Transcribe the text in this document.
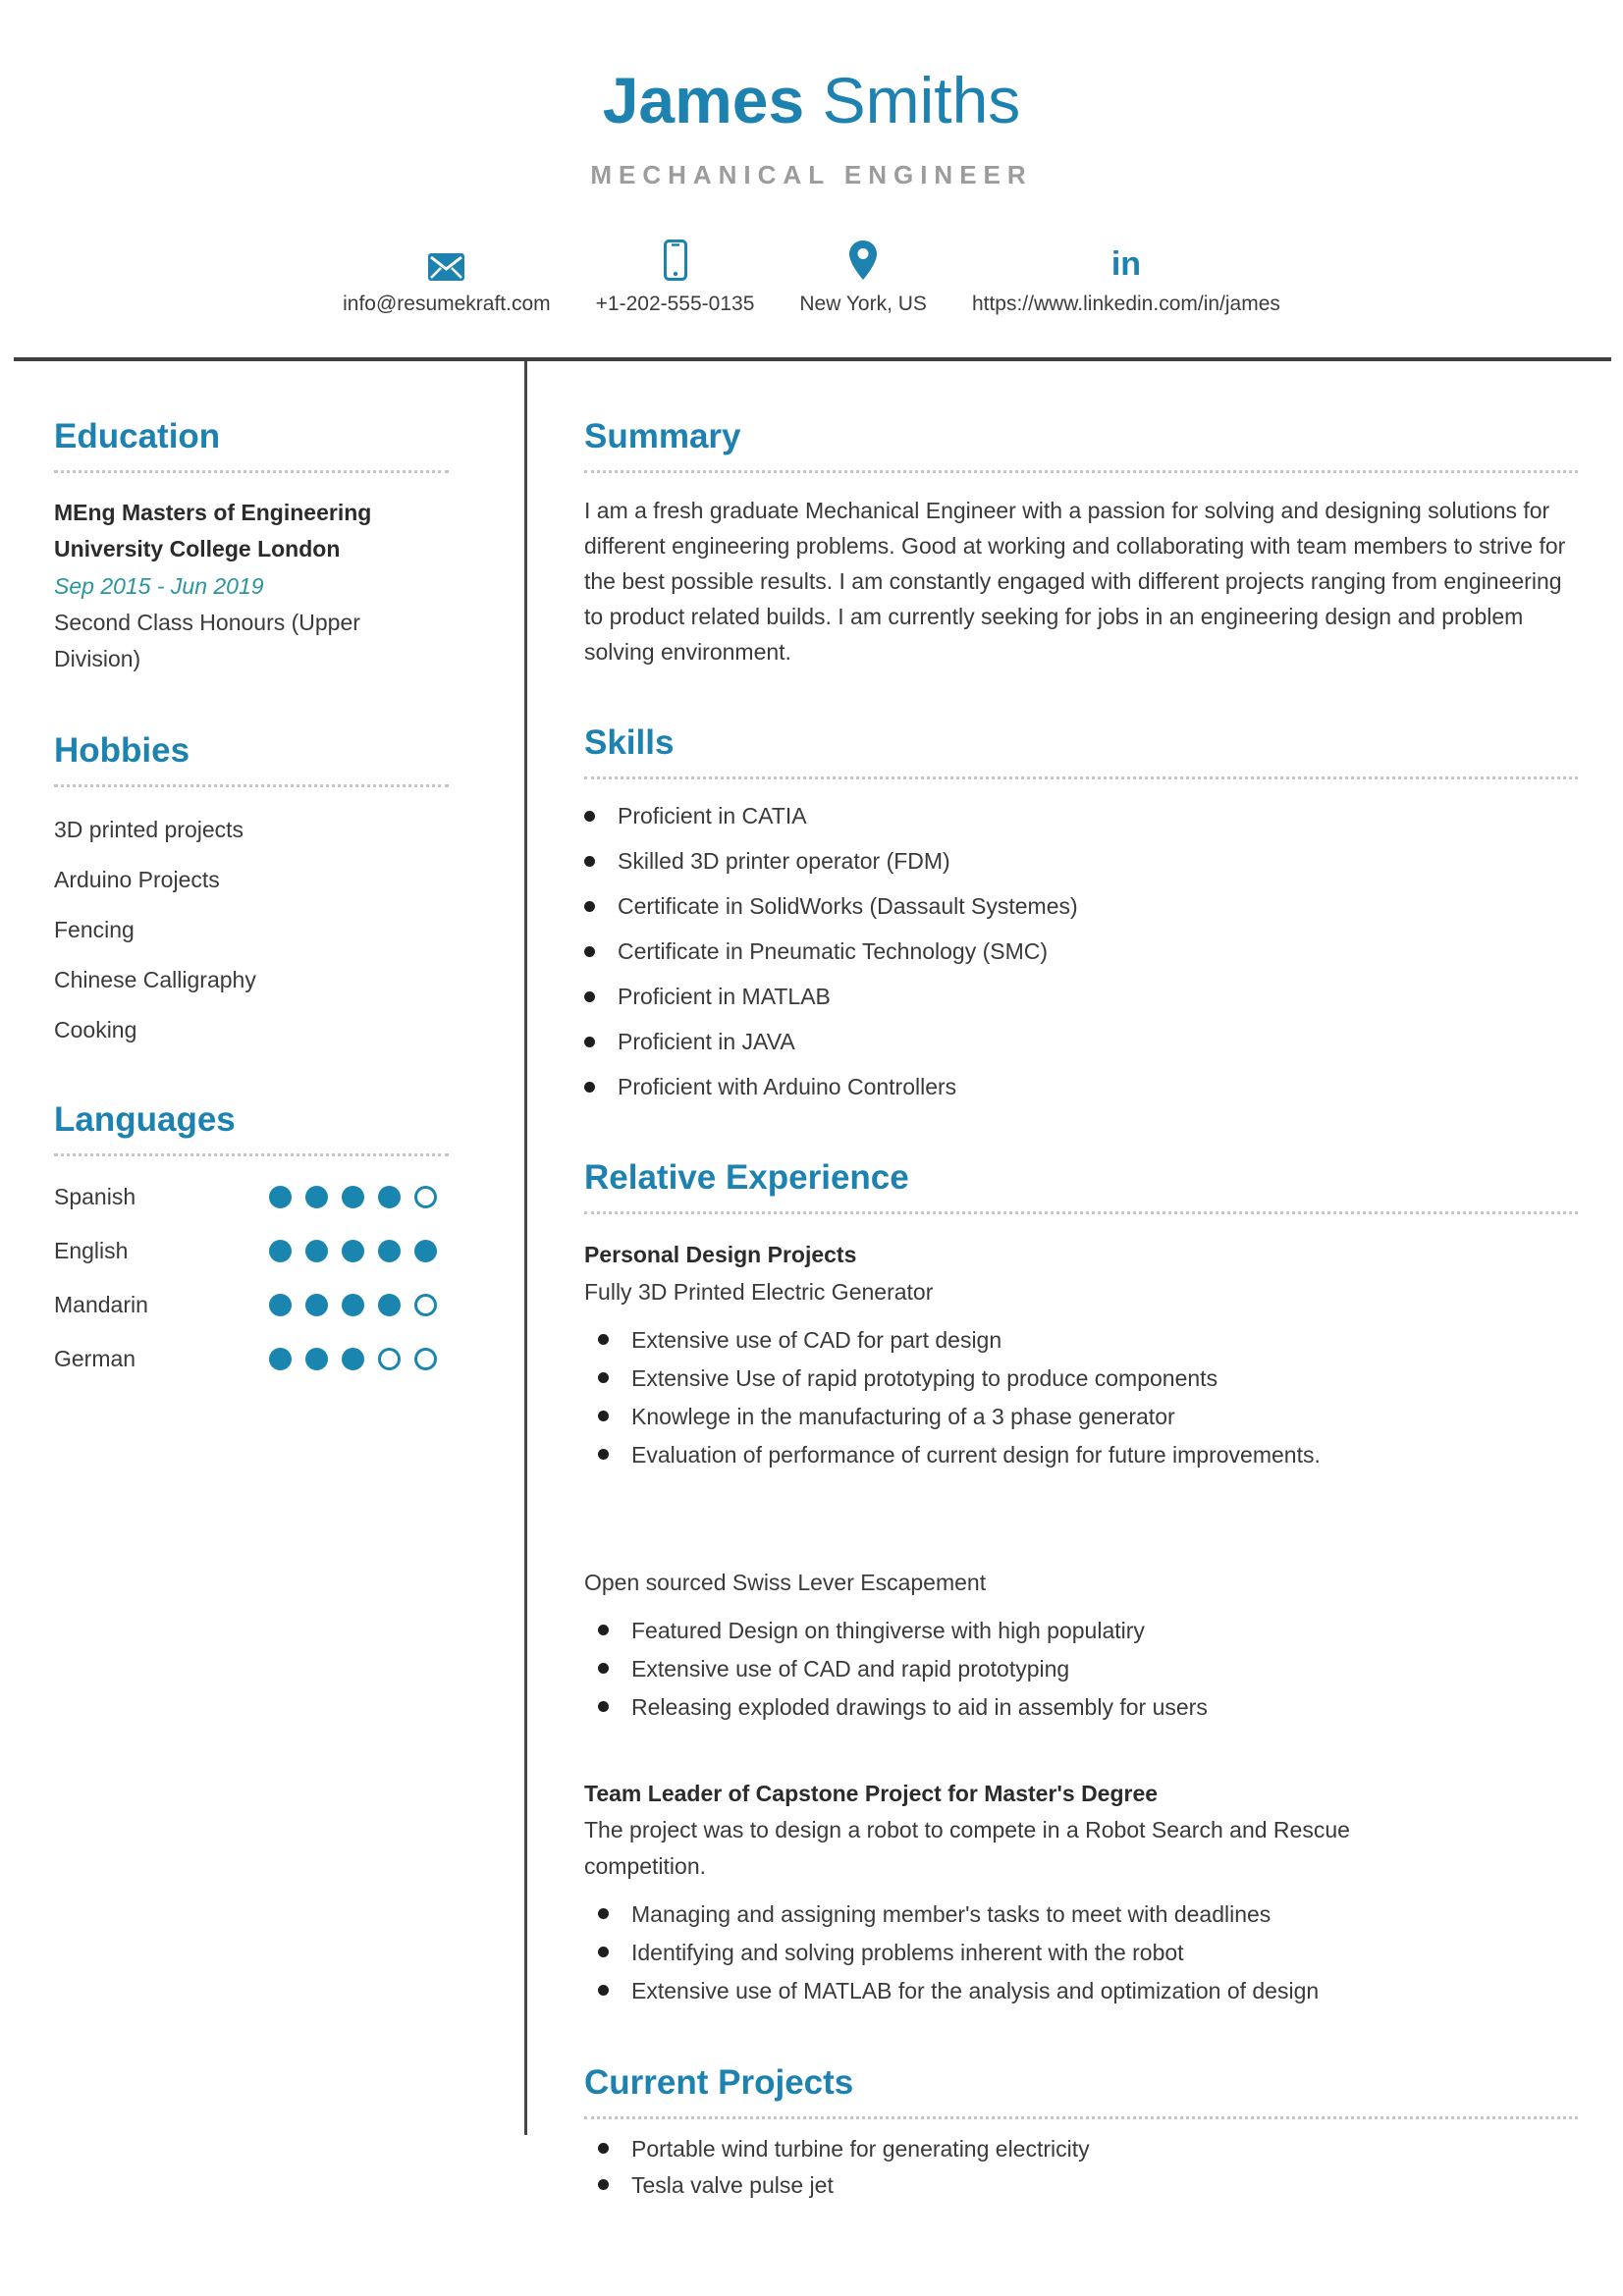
James Smiths
MECHANICAL ENGINEER
info@resumekraft.com +1-202-555-0135 New York, US
in
https://www.linkedin.com/in/james
Education
MEng Masters of Engineering
University College London
Sep 2015 - Jun 2019
Second Class Honours (Upper Division)
Hobbies
3D printed projects
Arduino Projects
Fencing
Chinese Calligraphy
Cooking
Languages
Spanish
English
Mandarin
German
Summary

I am a fresh graduate Mechanical Engineer with a passion for solving and designing solutions for different engineering problems. Good at working and collaborating with team members to strive for the best possible results. I am constantly engaged with different projects ranging from engineering to product related builds. I am currently seeking for jobs in an engineering design and problem solving environment.

Skills
Proficient in CATIA
Skilled 3D printer operator (FDM)
Certificate in SolidWorks (Dassault Systemes)
Certificate in Pneumatic Technology (SMC)
Proficient in MATLAB
Proficient in JAVA
Proficient with Arduino Controllers
Relative Experience
Personal Design Projects
Fully 3D Printed Electric Generator
Extensive use of CAD for part design
Extensive Use of rapid prototyping to produce components
Knowlege in the manufacturing of a 3 phase generator
Evaluation of performance of current design for future improvements.
Open sourced Swiss Lever Escapement
Featured Design on thingiverse with high populatiry
Extensive use of CAD and rapid prototyping
Releasing exploded drawings to aid in assembly for users
Team Leader of Capstone Project for Master's Degree
The project was to design a robot to compete in a Robot Search and Rescue competition.
Managing and assigning member's tasks to meet with deadlines
Identifying and solving problems inherent with the robot
Extensive use of MATLAB for the analysis and optimization of design
Current Projects
Portable wind turbine for generating electricity
Tesla valve pulse jet
